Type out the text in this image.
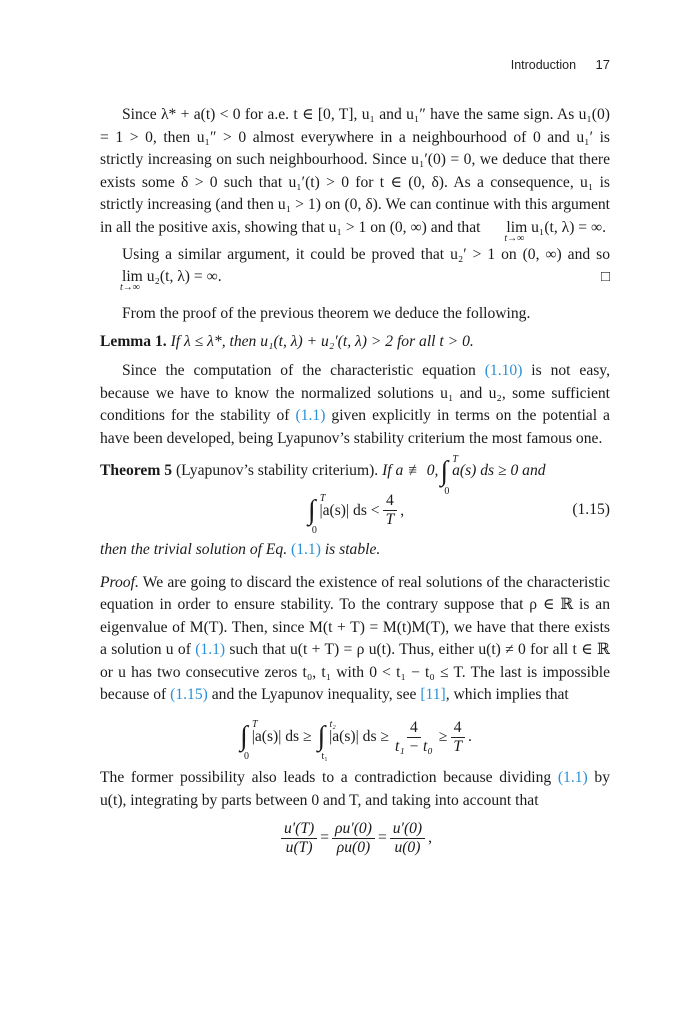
Introduction 17

Since λ* + a(t) < 0 for a.e. t ∈ [0, T], u₁ and u₁″ have the same sign. As u₁(0) = 1 > 0, then u₁″ > 0 almost everywhere in a neighbourhood of 0 and u₁′ is strictly increasing on such neighbourhood. Since u₁′(0) = 0, we deduce that there exists some δ > 0 such that u₁′(t) > 0 for t ∈ (0, δ). As a consequence, u₁ is strictly increasing (and then u₁ > 1) on (0, δ). We can continue with this argument in all the positive axis, showing that u₁ > 1 on (0, ∞) and that lim u₁(t, λ) = ∞.
t→∞

Using a similar argument, it could be proved that u₂′ > 1 on (0, ∞) and so lim u₂(t, λ) = ∞.
t→∞
□

From the proof of the previous theorem we deduce the following.

Lemma 1. If λ ≤ λ*, then u₁(t, λ) + u₂′(t, λ) > 2 for all t > 0.

Since the computation of the characteristic equation (1.10) is not easy, because we have to know the normalized solutions u₁ and u₂, some sufficient conditions for the stability of (1.1) given explicitly in terms on the potential a have been developed, being Lyapunov’s stability criterium the most famous one.

Theorem 5
(Lyapunov’s stability criterium).
If a ≢ 0, ∫ T
0
a(s) ds ≥ 0 and
∫ T
0
|a(s)| ds < $\frac{4}{T}$ ,	(1.15)

then the trivial solution of Eq. (1.1) is stable.

Proof. We are going to discard the existence of real solutions of the characteristic equation in order to ensure stability. To the contrary suppose that ρ ∈ ℝ is an eigenvalue of M(T). Then, since M(t + T) = M(t)M(T), we have that there exists a solution u of (1.1) such that u(t + T) = ρ u(t). Thus, either u(t) ≠ 0 for all t ∈ ℝ or u has two consecutive zeros t₀, t₁ with 0 < t₁ − t₀ ≤ T. The last is impossible because of (1.15) and the Lyapunov inequality, see [11], which implies that

∫ T
0
|a(s)| ds ≥
∫ t₂
t₁
|a(s)| ds ≥ $\frac{4}{\text{t₁ − t₀}} \ge \frac{4}{T}$ .

The former possibility also leads to a contradiction because dividing (1.1) by u(t), integrating by parts between 0 and T, and taking into account that

$\frac{u'(T)}{u(T)} = \frac{\rho u'(0)}{\rho u(0)} = \frac{u'(0)}{u(0)}$ ,
